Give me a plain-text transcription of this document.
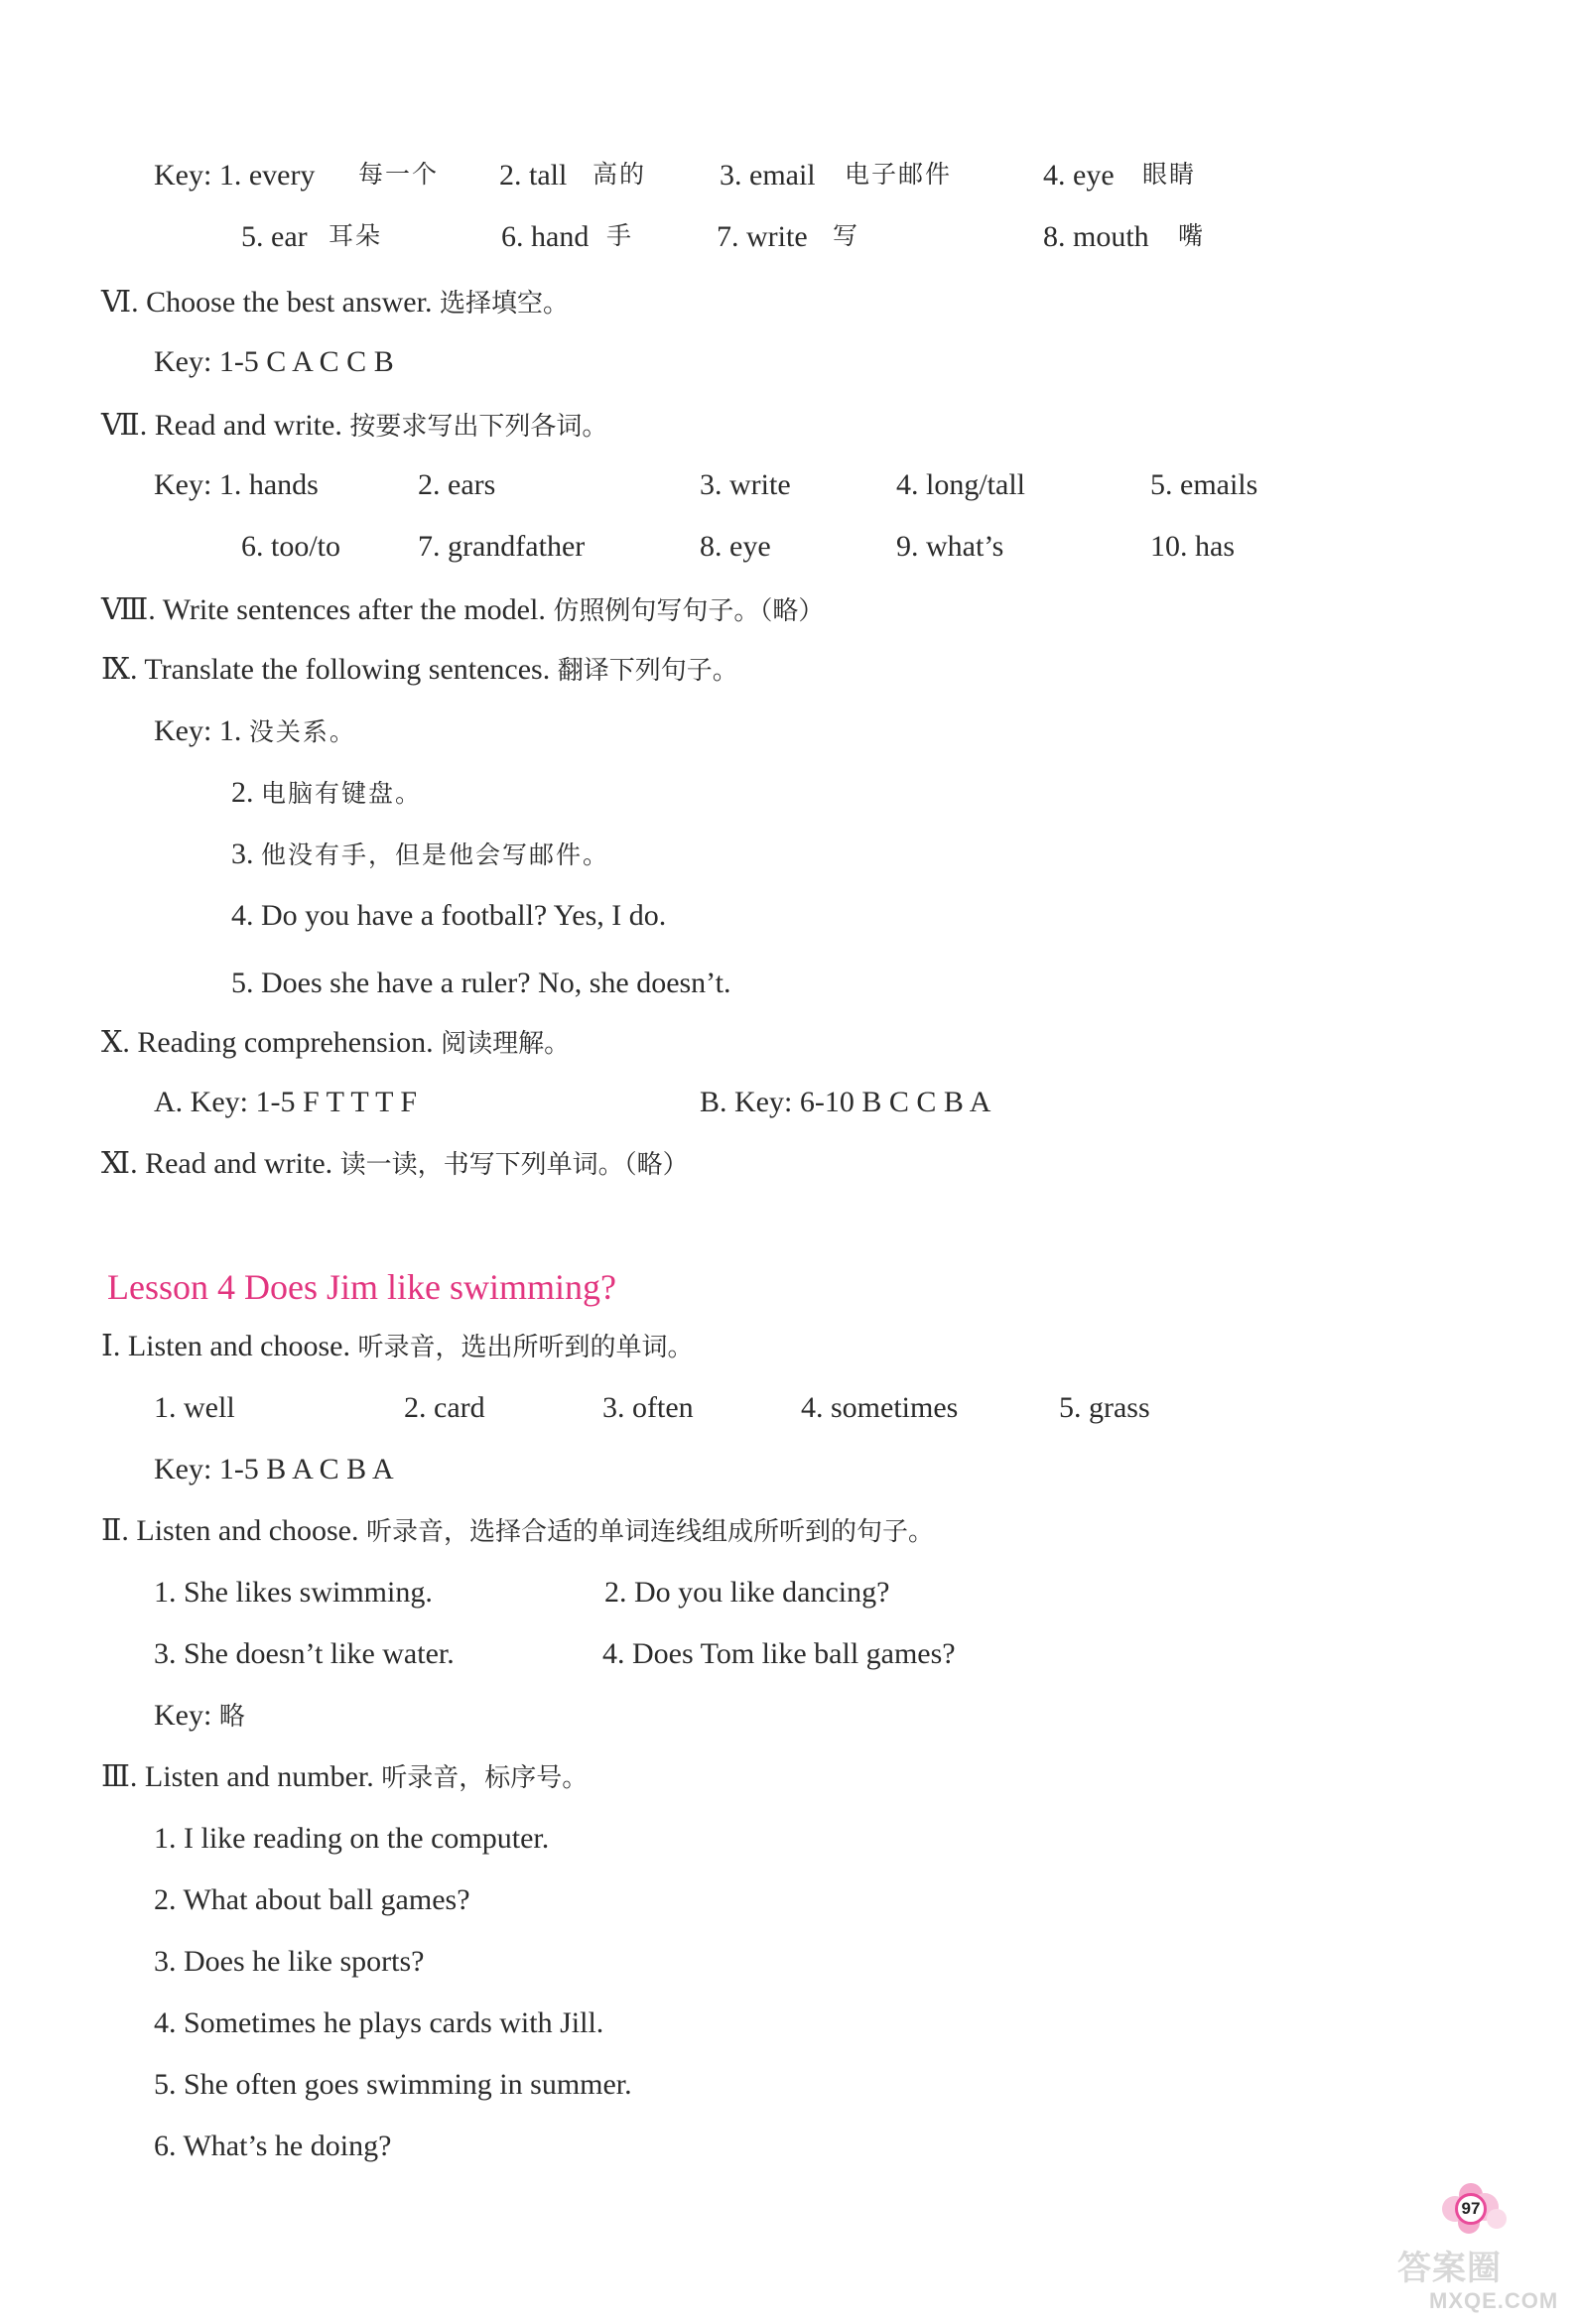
Key: 1. every 每一个 2. tall 高的 3. email 电子邮件	4. eye 眼睛
5. ear 耳朵	6. hand 手	7. write 写	8. mouth 嘴
Ⅵ. Choose the best answer. 选择填空。
Key: 1-5 C A C C B
Ⅶ. Read and write. 按要求写出下列各词。
Key: 1. hands	2. ears	3. write	4. long/tall	5. emails
6. too/to	7. grandfather	8. eye	9. what’s	10. has
Ⅷ. Write sentences after the model. 仿照例句写句子。（略）
Ⅸ. Translate the following sentences. 翻译下列句子。
Key: 1. 没关系。
2. 电脑有键盘。
3. 他没有手，但是他会写邮件。
4. Do you have a football? Yes, I do.
5. Does she have a ruler? No, she doesn’t.
Ⅹ. Reading comprehension. 阅读理解。
A. Key: 1-5 F T T T F	B. Key: 6-10 B C C B A
Ⅺ. Read and write. 读一读，书写下列单词。（略）
Lesson 4 Does Jim like swimming?
Ⅰ. Listen and choose. 听录音，选出所听到的单词。
1. well	2. card	3. often	4. sometimes	5. grass
Key: 1-5 B A C B A
Ⅱ. Listen and choose. 听录音，选择合适的单词连线组成所听到的句子。
1. She likes swimming.	2. Do you like dancing?
3. She doesn’t like water.	4. Does Tom like ball games?
Key: 略
Ⅲ. Listen and number. 听录音，标序号。
1. I like reading on the computer.
2. What about ball games?
3. Does he like sports?
4. Sometimes he plays cards with Jill.
5. She often goes swimming in summer.
6. What’s he doing?
97
答案圈
MXQE.COM
